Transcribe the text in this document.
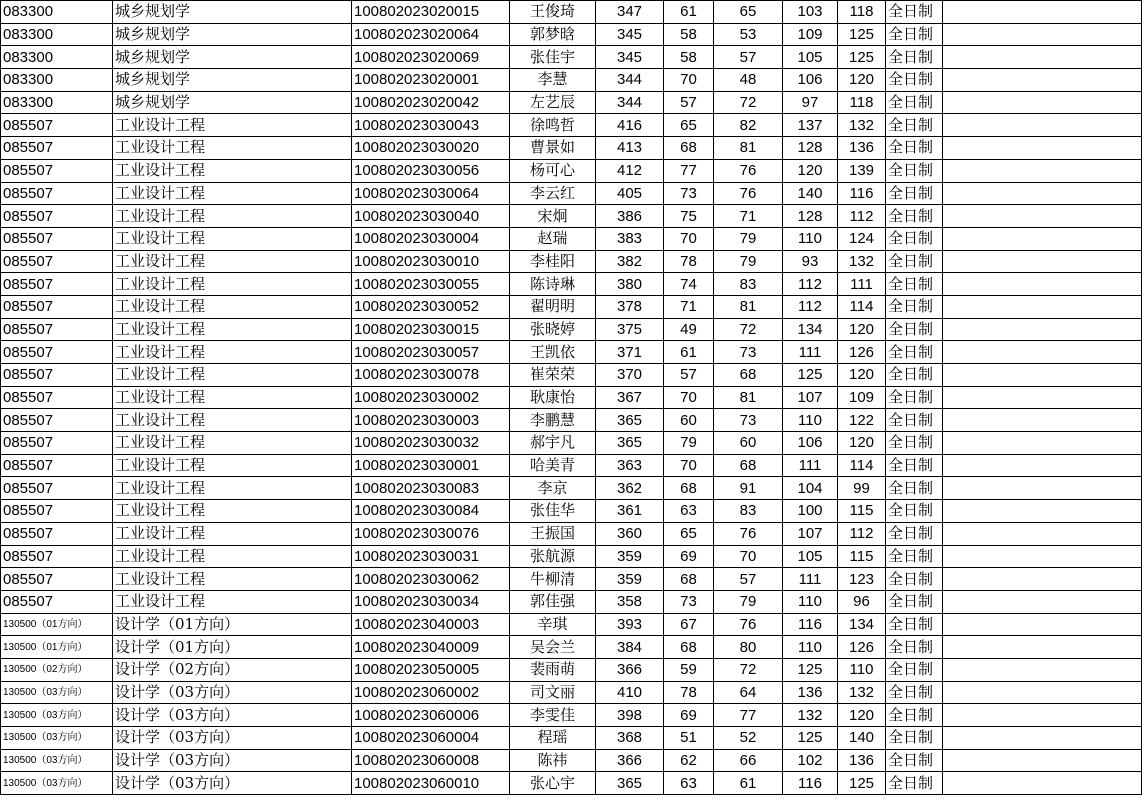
083300	城乡规划学	100802023020015	王俊琦	347	61	65	103	118	全日制	
083300	城乡规划学	100802023020064	郭梦晗	345	58	53	109	125	全日制	
083300	城乡规划学	100802023020069	张佳宇	345	58	57	105	125	全日制	
083300	城乡规划学	100802023020001	李慧	344	70	48	106	120	全日制	
083300	城乡规划学	100802023020042	左艺辰	344	57	72	97	118	全日制	
085507	工业设计工程	100802023030043	徐鸣哲	416	65	82	137	132	全日制	
085507	工业设计工程	100802023030020	曹景如	413	68	81	128	136	全日制	
085507	工业设计工程	100802023030056	杨可心	412	77	76	120	139	全日制	
085507	工业设计工程	100802023030064	李云红	405	73	76	140	116	全日制	
085507	工业设计工程	100802023030040	宋炯	386	75	71	128	112	全日制	
085507	工业设计工程	100802023030004	赵瑞	383	70	79	110	124	全日制	
085507	工业设计工程	100802023030010	李桂阳	382	78	79	93	132	全日制	
085507	工业设计工程	100802023030055	陈诗琳	380	74	83	112	111	全日制	
085507	工业设计工程	100802023030052	翟明明	378	71	81	112	114	全日制	
085507	工业设计工程	100802023030015	张晓婷	375	49	72	134	120	全日制	
085507	工业设计工程	100802023030057	王凯依	371	61	73	111	126	全日制	
085507	工业设计工程	100802023030078	崔荣荣	370	57	68	125	120	全日制	
085507	工业设计工程	100802023030002	耿康怡	367	70	81	107	109	全日制	
085507	工业设计工程	100802023030003	李鹏慧	365	60	73	110	122	全日制	
085507	工业设计工程	100802023030032	郝宇凡	365	79	60	106	120	全日制	
085507	工业设计工程	100802023030001	哈美青	363	70	68	111	114	全日制	
085507	工业设计工程	100802023030083	李京	362	68	91	104	99	全日制	
085507	工业设计工程	100802023030084	张佳华	361	63	83	100	115	全日制	
085507	工业设计工程	100802023030076	王振国	360	65	76	107	112	全日制	
085507	工业设计工程	100802023030031	张航源	359	69	70	105	115	全日制	
085507	工业设计工程	100802023030062	牛柳清	359	68	57	111	123	全日制	
085507	工业设计工程	100802023030034	郭佳强	358	73	79	110	96	全日制	
130500（01方向）	设计学（01方向）	100802023040003	辛琪	393	67	76	116	134	全日制	
130500（01方向）	设计学（01方向）	100802023040009	吴会兰	384	68	80	110	126	全日制	
130500（02方向）	设计学（02方向）	100802023050005	裴雨萌	366	59	72	125	110	全日制	
130500（03方向）	设计学（03方向）	100802023060002	司文丽	410	78	64	136	132	全日制	
130500（03方向）	设计学（03方向）	100802023060006	李雯佳	398	69	77	132	120	全日制	
130500（03方向）	设计学（03方向）	100802023060004	程瑶	368	51	52	125	140	全日制	
130500（03方向）	设计学（03方向）	100802023060008	陈祎	366	62	66	102	136	全日制	
130500（03方向）	设计学（03方向）	100802023060010	张心宇	365	63	61	116	125	全日制	
